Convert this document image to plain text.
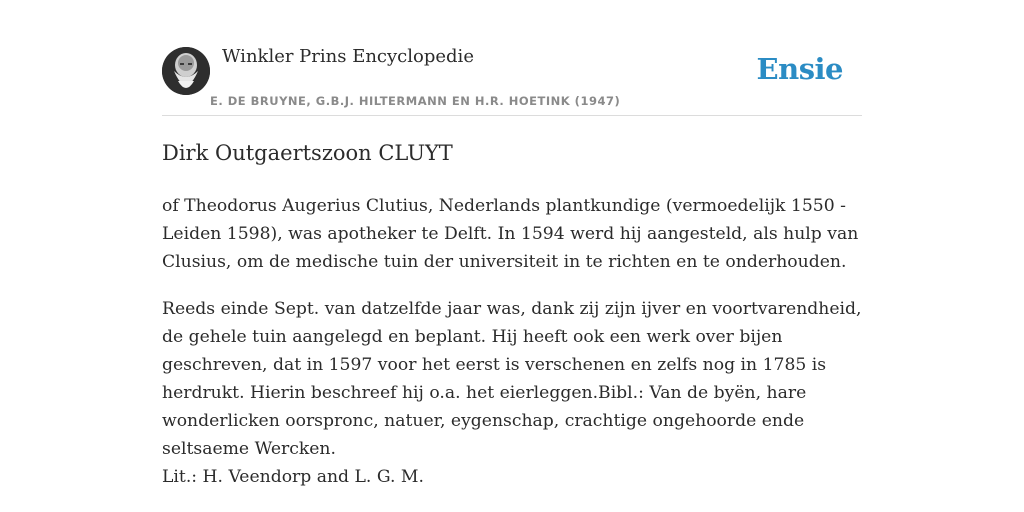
Winkler Prins Encyclopedie
E. DE BRUYNE, G.B.J. HILTERMANN EN H.R. HOETINK (1947)
Ensie
Dirk Outgaertszoon CLUYT

of Theodorus Augerius Clutius, Nederlands plantkundige (vermoedelijk 1550 - Leiden 1598), was apotheker te Delft. In 1594 werd hij aangesteld, als hulp van Clusius, om de medische tuin der universiteit in te richten en te onderhouden.

Reeds einde Sept. van datzelfde jaar was, dank zij zijn ijver en voortvarendheid, de gehele tuin aangelegd en beplant. Hij heeft ook een werk over bijen geschreven, dat in 1597 voor het eerst is verschenen en zelfs nog in 1785 is herdrukt. Hierin beschreef hij o.a. het eierleggen.Bibl.: Van de byën, hare wonderlicken oorspronc, natuer, eygenschap, crachtige ongehoorde ende seltsaeme Wercken.

Lit.: H. Veendorp and L. G. M.
